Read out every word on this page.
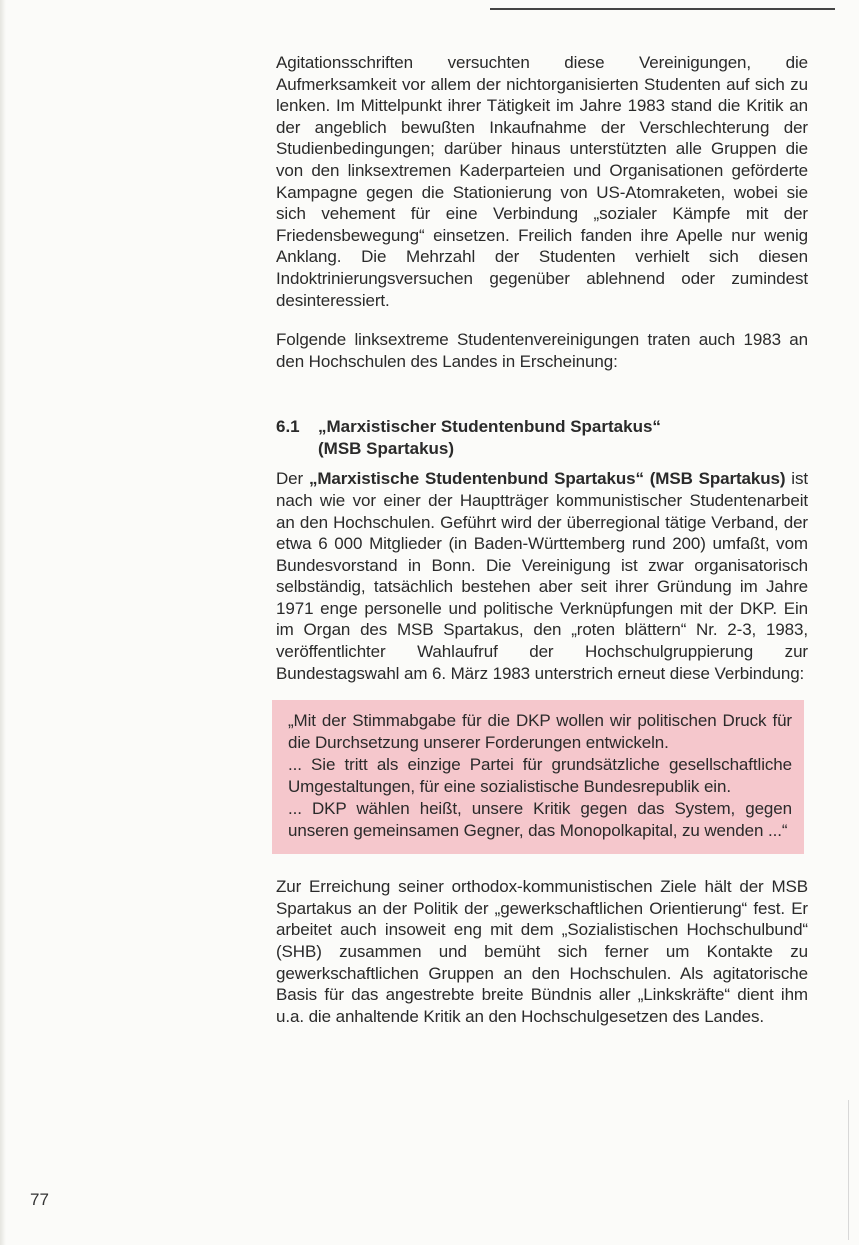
Agitationsschriften versuchten diese Vereinigungen, die Aufmerksamkeit vor allem der nichtorganisierten Studenten auf sich zu lenken. Im Mittelpunkt ihrer Tätigkeit im Jahre 1983 stand die Kritik an der angeblich bewußten Inkaufnahme der Verschlechterung der Studienbedingungen; darüber hinaus unterstützten alle Gruppen die von den linksextremen Kaderparteien und Organisationen geförderte Kampagne gegen die Stationierung von US-Atomraketen, wobei sie sich vehement für eine Verbindung „sozialer Kämpfe mit der Friedensbewegung“ einsetzen. Freilich fanden ihre Apelle nur wenig Anklang. Die Mehrzahl der Studenten verhielt sich diesen Indoktrinierungsversuchen gegenüber ablehnend oder zumindest desinteressiert.

Folgende linksextreme Studentenvereinigungen traten auch 1983 an den Hochschulen des Landes in Erscheinung:

6.1	„Marxistischer Studentenbund Spartakus“
(MSB Spartakus)

Der „Marxistische Studentenbund Spartakus“ (MSB Spartakus) ist nach wie vor einer der Hauptträger kommunistischer Studentenarbeit an den Hochschulen. Geführt wird der überregional tätige Verband, der etwa 6 000 Mitglieder (in Baden-Württemberg rund 200) umfaßt, vom Bundesvorstand in Bonn. Die Vereinigung ist zwar organisatorisch selbständig, tatsächlich bestehen aber seit ihrer Gründung im Jahre 1971 enge personelle und politische Verknüpfungen mit der DKP. Ein im Organ des MSB Spartakus, den „roten blättern“ Nr. 2-3, 1983, veröffentlichter Wahlaufruf der Hochschulgruppierung zur Bundestagswahl am 6. März 1983 unterstrich erneut diese Verbindung:

„Mit der Stimmabgabe für die DKP wollen wir politischen Druck für die Durchsetzung unserer Forderungen entwickeln.

... Sie tritt als einzige Partei für grundsätzliche gesellschaftliche Umgestaltungen, für eine sozialistische Bundesrepublik ein.

... DKP wählen heißt, unsere Kritik gegen das System, gegen unseren gemeinsamen Gegner, das Monopolkapital, zu wenden ...“

Zur Erreichung seiner orthodox-kommunistischen Ziele hält der MSB Spartakus an der Politik der „gewerkschaftlichen Orientierung“ fest. Er arbeitet auch insoweit eng mit dem „Sozialistischen Hochschulbund“ (SHB) zusammen und bemüht sich ferner um Kontakte zu gewerkschaftlichen Gruppen an den Hochschulen. Als agitatorische Basis für das angestrebte breite Bündnis aller „Linkskräfte“ dient ihm u.a. die anhaltende Kritik an den Hochschulgesetzen des Landes.

77
